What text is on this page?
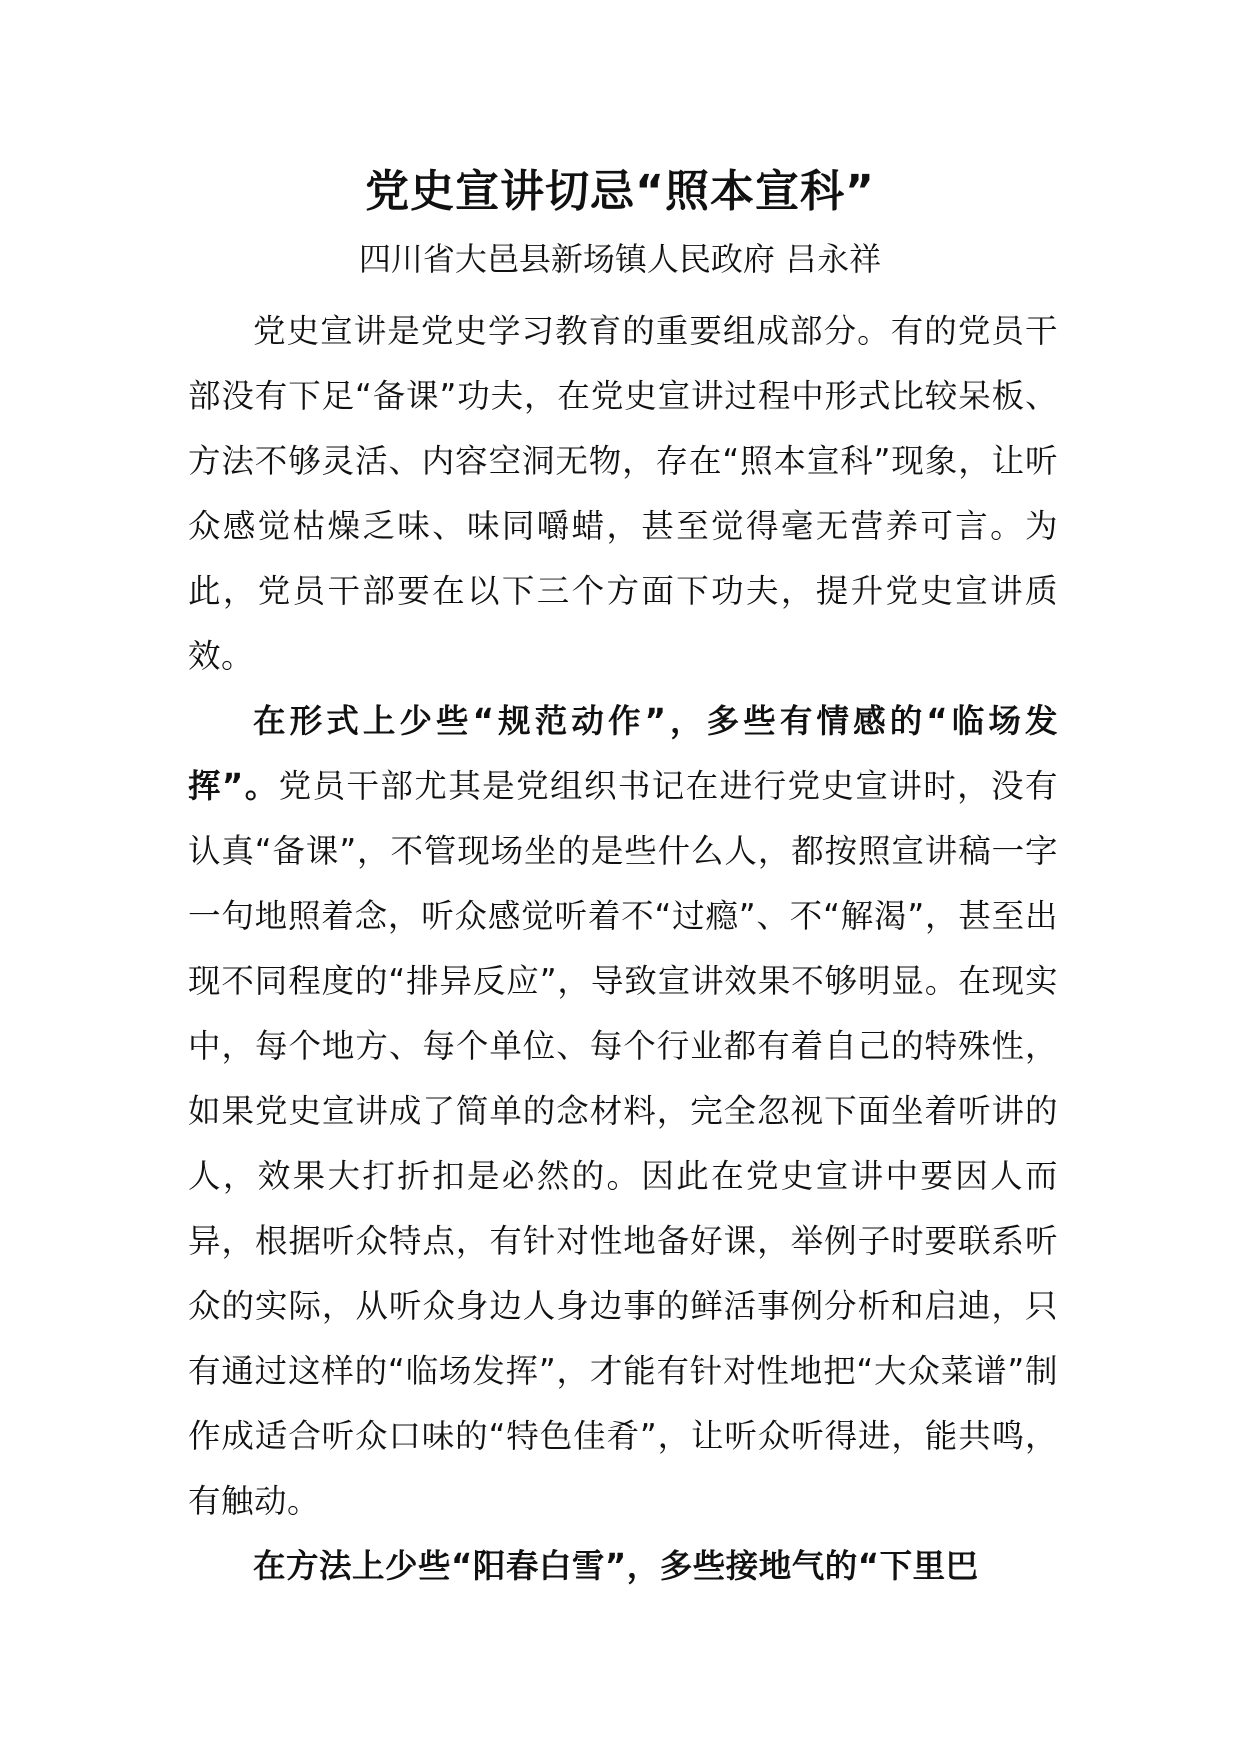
党史宣讲切忌“照本宣科”
四川省大邑县新场镇人民政府 吕永祥

党史宣讲是党史学习教育的重要组成部分。有的党员干部没有下足“备课”功夫，在党史宣讲过程中形式比较呆板、方法不够灵活、内容空洞无物，存在“照本宣科”现象，让听众感觉枯燥乏味、味同嚼蜡，甚至觉得毫无营养可言。为此，党员干部要在以下三个方面下功夫，提升党史宣讲质效。

在形式上少些“规范动作”，多些有情感的“临场发挥”。党员干部尤其是党组织书记在进行党史宣讲时，没有认真“备课”，不管现场坐的是些什么人，都按照宣讲稿一字一句地照着念，听众感觉听着不“过瘾”、不“解渴”，甚至出现不同程度的“排异反应”，导致宣讲效果不够明显。在现实中，每个地方、每个单位、每个行业都有着自己的特殊性，如果党史宣讲成了简单的念材料，完全忽视下面坐着听讲的人，效果大打折扣是必然的。因此在党史宣讲中要因人而异，根据听众特点，有针对性地备好课，举例子时要联系听众的实际，从听众身边人身边事的鲜活事例分析和启迪，只有通过这样的“临场发挥”，才能有针对性地把“大众菜谱”制作成适合听众口味的“特色佳肴”，让听众听得进，能共鸣，有触动。

在方法上少些“阳春白雪”，多些接地气的“下里巴
